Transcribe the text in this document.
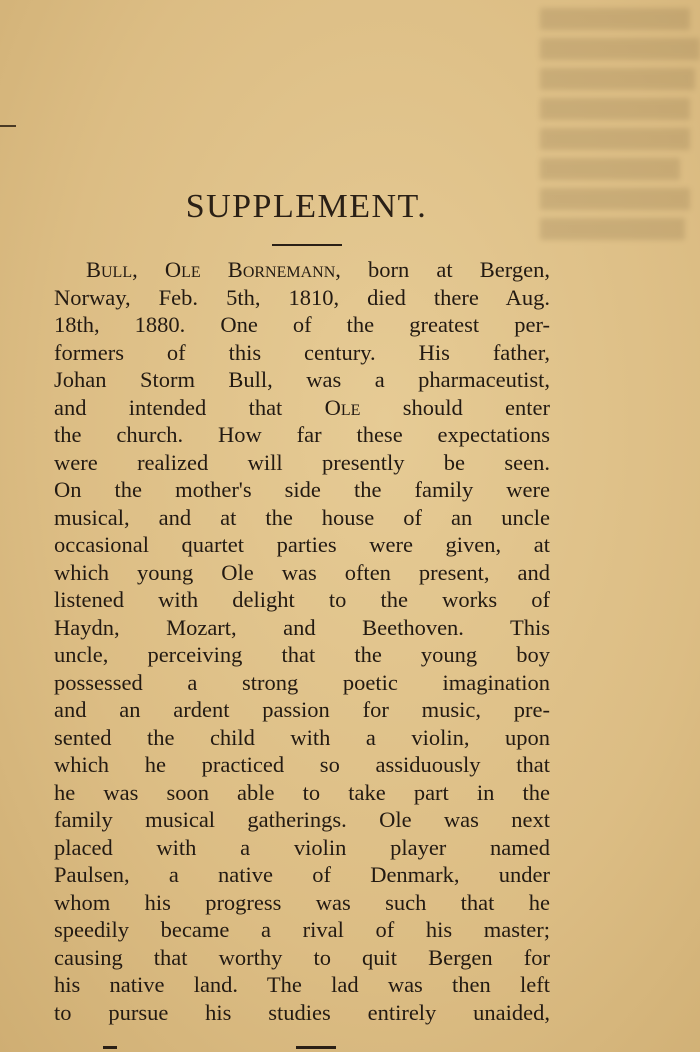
SUPPLEMENT.
Bull, Ole Bornemann, born at Bergen,
Norway, Feb. 5th, 1810, died there Aug.
18th, 1880. One of the greatest per-
formers of this century. His father,
Johan Storm Bull, was a pharmaceutist,
and intended that Ole should enter
the church. How far these expectations
were realized will presently be seen.
On the mother's side the family were
musical, and at the house of an uncle
occasional quartet parties were given, at
which young Ole was often present, and
listened with delight to the works of
Haydn, Mozart, and Beethoven. This
uncle, perceiving that the young boy
possessed a strong poetic imagination
and an ardent passion for music, pre-
sented the child with a violin, upon
which he practiced so assiduously that
he was soon able to take part in the
family musical gatherings. Ole was next
placed with a violin player named
Paulsen, a native of Denmark, under
whom his progress was such that he
speedily became a rival of his master;
causing that worthy to quit Bergen for
his native land. The lad was then left
to pursue his studies entirely unaided,
